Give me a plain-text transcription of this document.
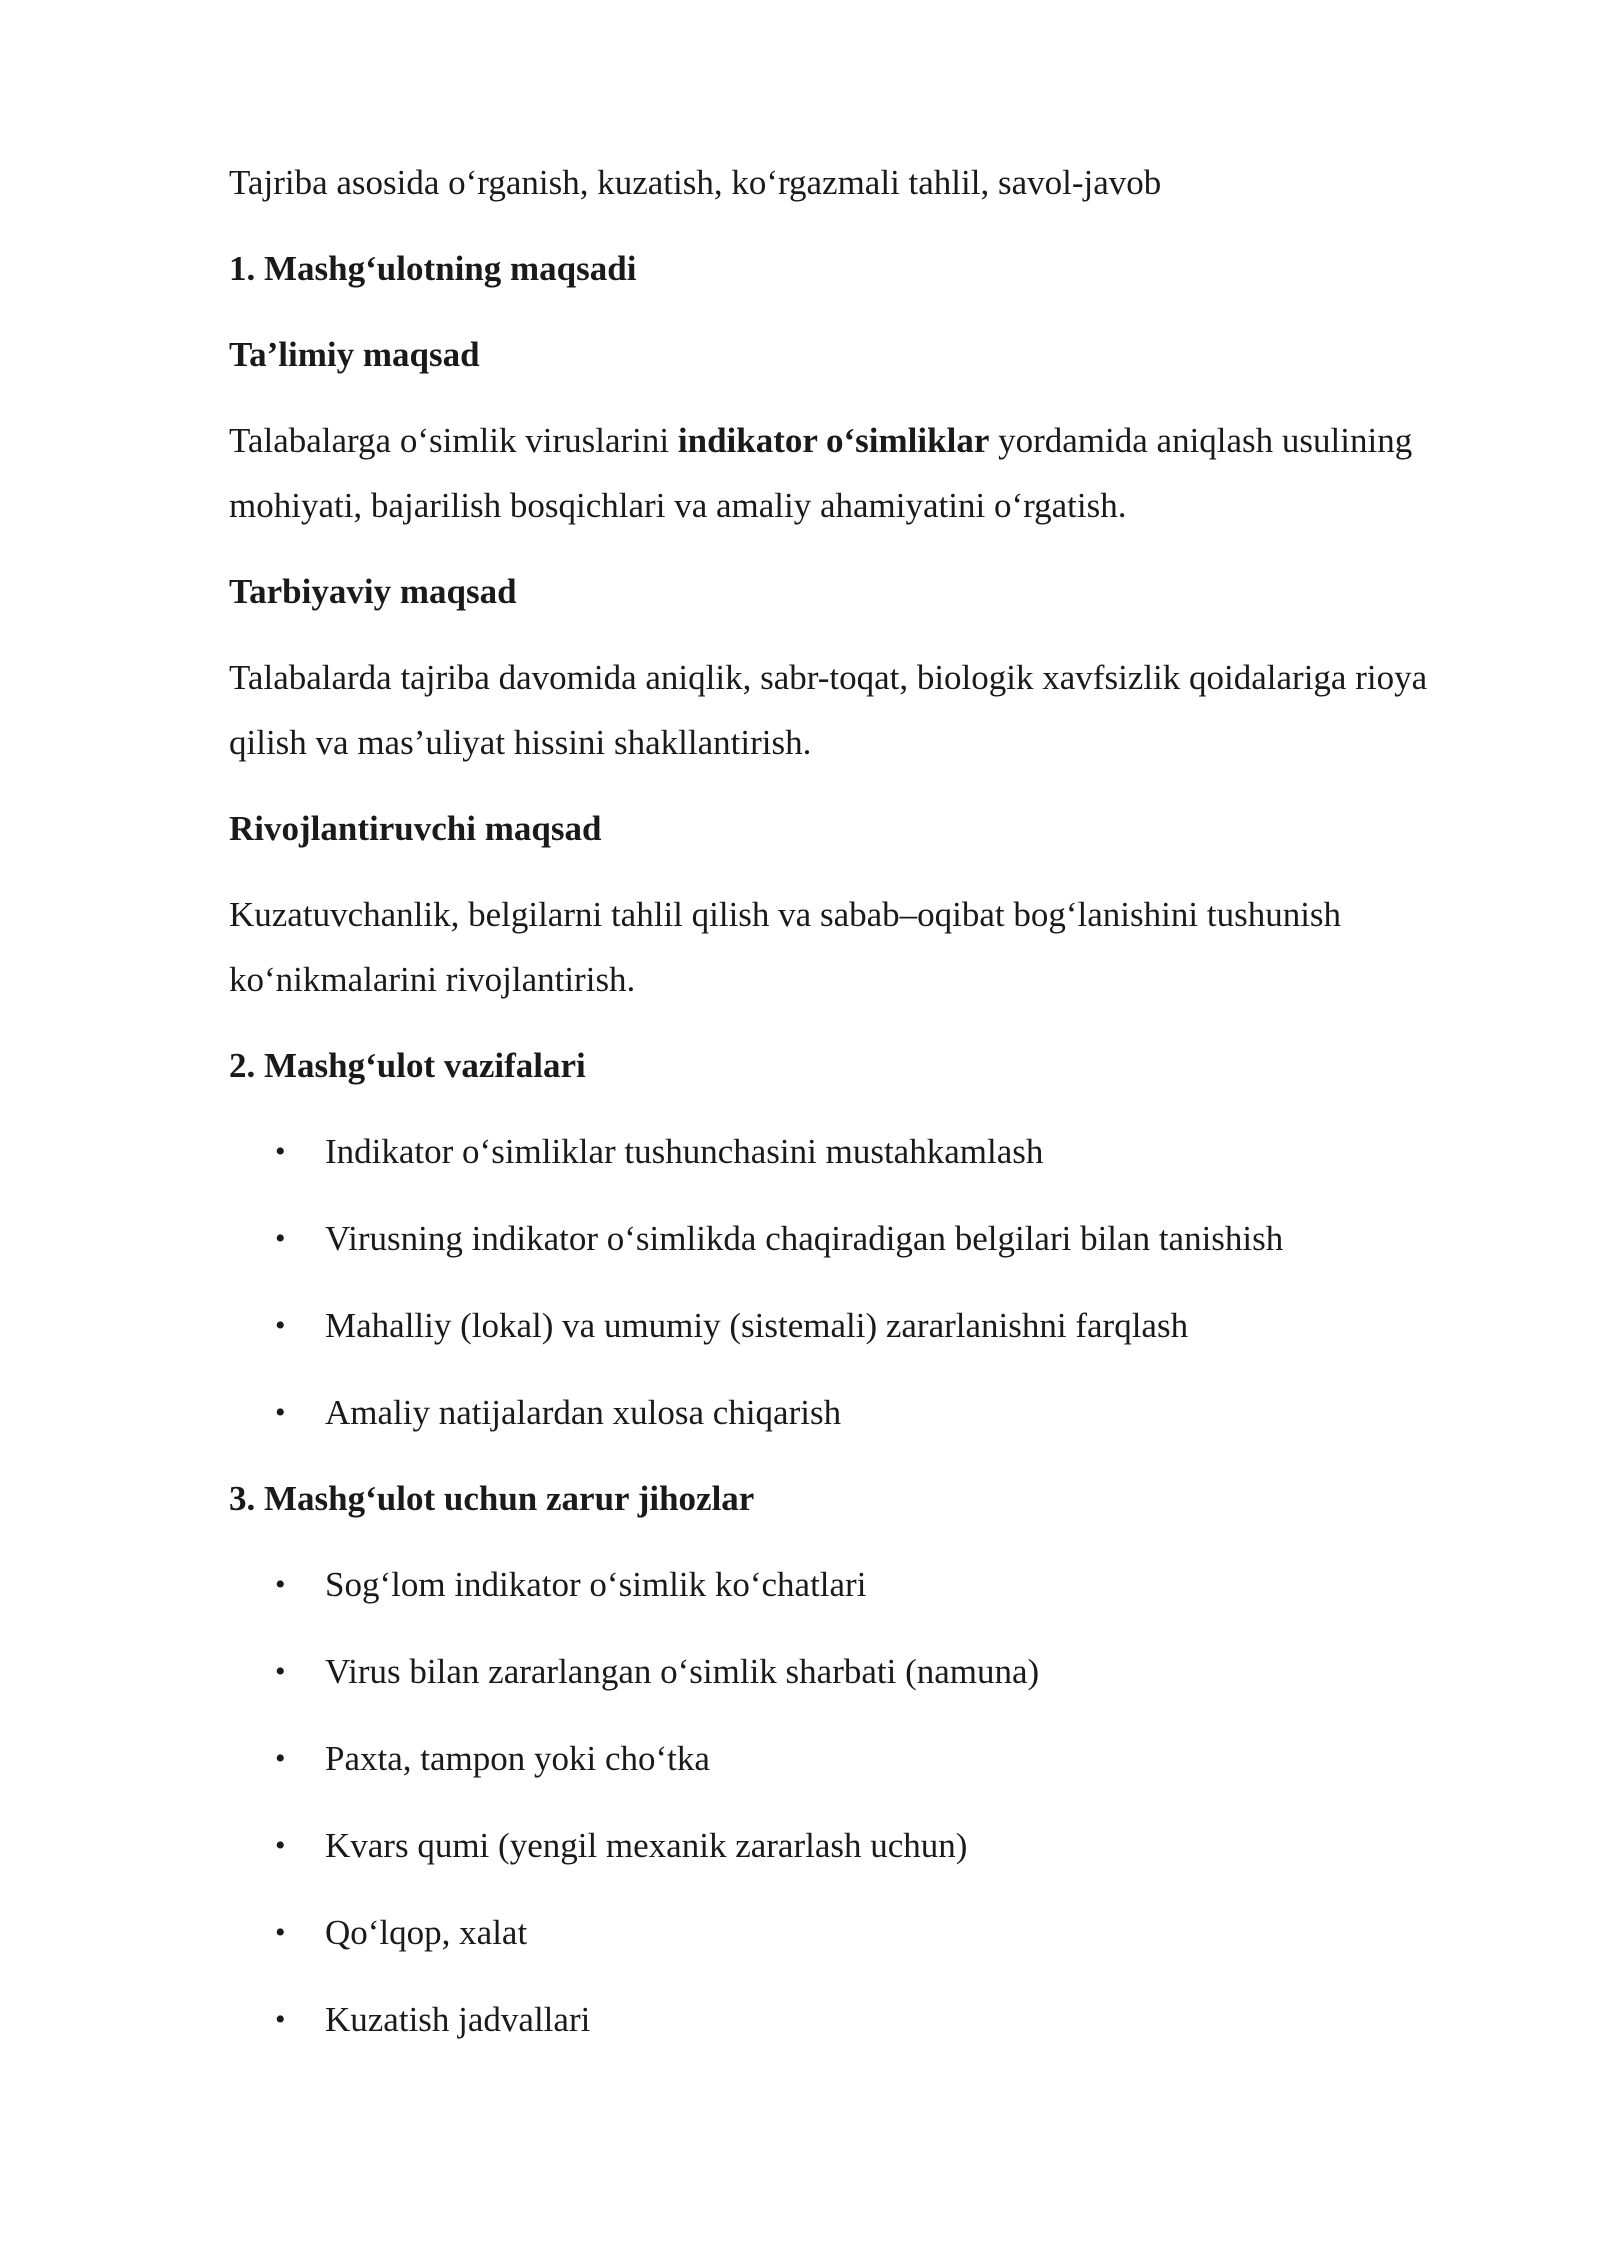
Tajriba asosida oʻrganish, kuzatish, koʻrgazmali tahlil, savol-javob

1. Mashgʻulotning maqsadi
Ta’limiy maqsad

Talabalarga oʻsimlik viruslarini indikator oʻsimliklar yordamida aniqlash usulining mohiyati, bajarilish bosqichlari va amaliy ahamiyatini oʻrgatish.

Tarbiyaviy maqsad

Talabalarda tajriba davomida aniqlik, sabr-toqat, biologik xavfsizlik qoidalariga rioya qilish va mas’uliyat hissini shakllantirish.

Rivojlantiruvchi maqsad

Kuzatuvchanlik, belgilarni tahlil qilish va sabab–oqibat bogʻlanishini tushunish koʻnikmalarini rivojlantirish.

2. Mashgʻulot vazifalari
• Indikator oʻsimliklar tushunchasini mustahkamlash
• Virusning indikator oʻsimlikda chaqiradigan belgilari bilan tanishish
• Mahalliy (lokal) va umumiy (sistemali) zararlanishni farqlash
• Amaliy natijalardan xulosa chiqarish
3. Mashgʻulot uchun zarur jihozlar
• Sogʻlom indikator oʻsimlik koʻchatlari
• Virus bilan zararlangan oʻsimlik sharbati (namuna)
• Paxta, tampon yoki choʻtka
• Kvars qumi (yengil mexanik zararlash uchun)
• Qoʻlqop, xalat
• Kuzatish jadvallari
